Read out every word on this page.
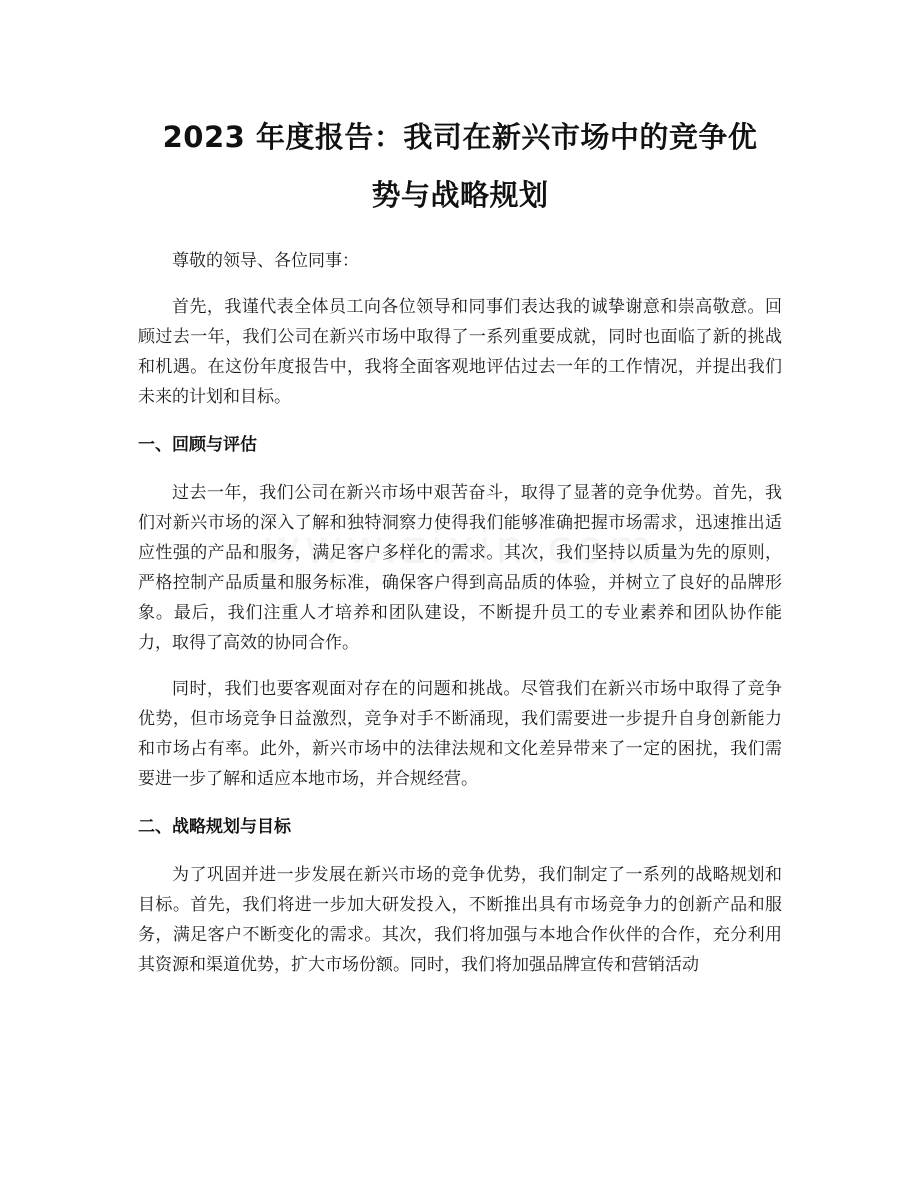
2023 年度报告：我司在新兴市场中的竞争优
势与战略规划

尊敬的领导、各位同事：

首先，我谨代表全体员工向各位领导和同事们表达我的诚挚谢意和崇高敬意。回顾过去一年，我们公司在新兴市场中取得了一系列重要成就，同时也面临了新的挑战和机遇。在这份年度报告中，我将全面客观地评估过去一年的工作情况，并提出我们未来的计划和目标。

一、回顾与评估

过去一年，我们公司在新兴市场中艰苦奋斗，取得了显著的竞争优势。首先，我们对新兴市场的深入了解和独特洞察力使得我们能够准确把握市场需求，迅速推出适应性强的产品和服务，满足客户多样化的需求。其次，我们坚持以质量为先的原则，严格控制产品质量和服务标准，确保客户得到高品质的体验，并树立了良好的品牌形象。最后，我们注重人才培养和团队建设，不断提升员工的专业素养和团队协作能力，取得了高效的协同合作。

同时，我们也要客观面对存在的问题和挑战。尽管我们在新兴市场中取得了竞争优势，但市场竞争日益激烈，竞争对手不断涌现，我们需要进一步提升自身创新能力和市场占有率。此外，新兴市场中的法律法规和文化差异带来了一定的困扰，我们需要进一步了解和适应本地市场，并合规经营。

二、战略规划与目标

为了巩固并进一步发展在新兴市场的竞争优势，我们制定了一系列的战略规划和目标。首先，我们将进一步加大研发投入，不断推出具有市场竞争力的创新产品和服务，满足客户不断变化的需求。其次，我们将加强与本地合作伙伴的合作，充分利用其资源和渠道优势，扩大市场份额。同时，我们将加强品牌宣传和营销活动
